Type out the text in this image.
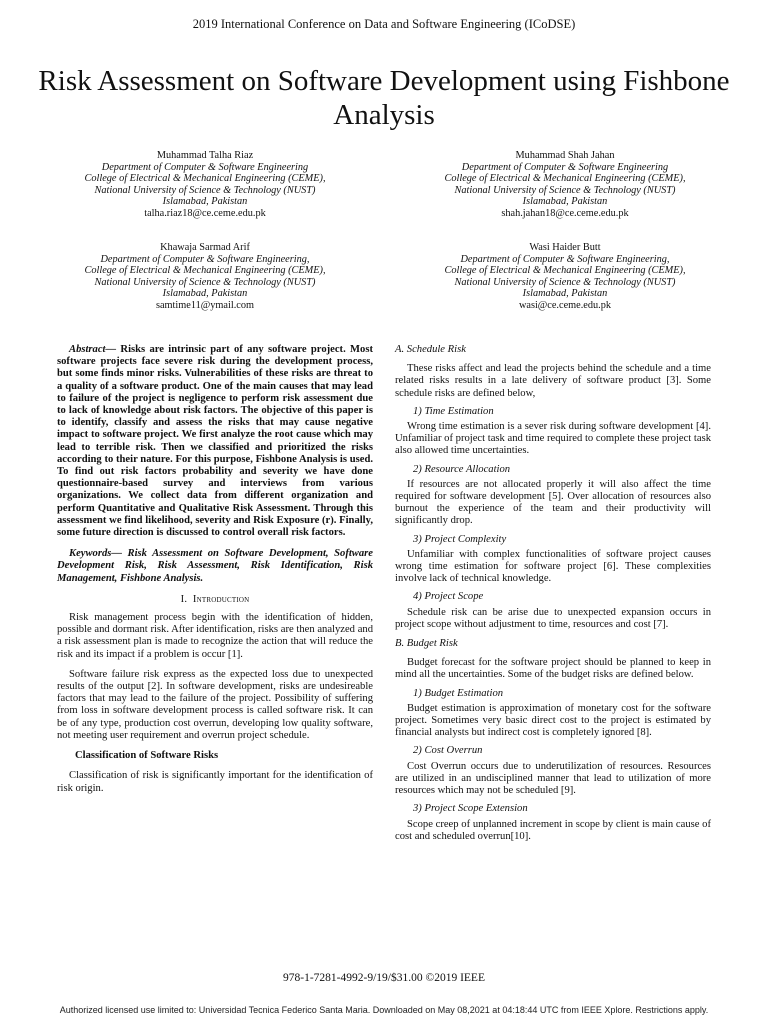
2019 International Conference on Data and Software Engineering (ICoDSE)
Risk Assessment on Software Development using Fishbone Analysis
Muhammad Talha Riaz
Department of Computer & Software Engineering
College of Electrical & Mechanical Engineering (CEME),
National University of Science & Technology (NUST)
Islamabad, Pakistan
talha.riaz18@ce.ceme.edu.pk
Muhammad Shah Jahan
Department of Computer & Software Engineering
College of Electrical & Mechanical Engineering (CEME),
National University of Science & Technology (NUST)
Islamabad, Pakistan
shah.jahan18@ce.ceme.edu.pk
Khawaja Sarmad Arif
Department of Computer & Software Engineering,
College of Electrical & Mechanical Engineering (CEME),
National University of Science & Technology (NUST)
Islamabad, Pakistan
samtime11@ymail.com
Wasi Haider Butt
Department of Computer & Software Engineering,
College of Electrical & Mechanical Engineering (CEME),
National University of Science & Technology (NUST)
Islamabad, Pakistan
wasi@ce.ceme.edu.pk

Abstract— Risks are intrinsic part of any software project. Most software projects face severe risk during the development process, but some finds minor risks. Vulnerabilities of these risks are threat to a quality of a software product. One of the main causes that may lead to failure of the project is negligence to perform risk assessment due to lack of knowledge about risk factors. The objective of this paper is to identify, classify and assess the risks that may cause negative impact to software project. We first analyze the root cause which may lead to terrible risk. Then we classified and prioritized the risks according to their nature. For this purpose, Fishbone Analysis is used. To find out risk factors probability and severity we have done questionnaire-based survey and interviews from various organizations. We collect data from different organization and perform Quantitative and Qualitative Risk Assessment. Through this assessment we find likelihood, severity and Risk Exposure (r). Finally, some future direction is discussed to control overall risk factors.

Keywords— Risk Assessment on Software Development, Software Development Risk, Risk Assessment, Risk Identification, Risk Management, Fishbone Analysis.

I. Introduction

Risk management process begin with the identification of hidden, possible and dormant risk. After identification, risks are then analyzed and a risk assessment plan is made to recognize the action that will reduce the risk and its impact if a problem is occur [1].

Software failure risk express as the expected loss due to unexpected results of the output [2]. In software development, risks are undesireable factors that may lead to the failure of the project. Possibility of suffering from loss in software development process is called software risk. It can be of any type, production cost overrun, developing low quality software, not meeting user requirement and overrun project schedule.

Classification of Software Risks

Classification of risk is significantly important for the identification of risk origin.

A. Schedule Risk

These risks affect and lead the projects behind the schedule and a time related risks results in a late delivery of software product [3]. Some schedule risks are defined below,

1) Time Estimation

Wrong time estimation is a sever risk during software development [4]. Unfamiliar of project task and time required to complete these project task also allowed time uncertainties.

2) Resource Allocation

If resources are not allocated properly it will also affect the time required for software development [5]. Over allocation of resources also burnout the experience of the team and their productivity will significantly drop.

3) Project Complexity

Unfamiliar with complex functionalities of software project causes wrong time estimation for software project [6]. These complexities involve lack of technical knowledge.

4) Project Scope

Schedule risk can be arise due to unexpected expansion occurs in project scope without adjustment to time, resources and cost [7].

B. Budget Risk

Budget forecast for the software project should be planned to keep in mind all the uncertainties. Some of the budget risks are defined below.

1) Budget Estimation

Budget estimation is approximation of monetary cost for the software project. Sometimes very basic direct cost to the project is estimated by financial analysts but indirect cost is completely ignored [8].

2) Cost Overrun

Cost Overrun occurs due to underutilization of resources. Resources are utilized in an undisciplined manner that lead to utilization of more resources which may not be scheduled [9].

3) Project Scope Extension

Scope creep of unplanned increment in scope by client is main cause of cost and scheduled overrun[10].

978-1-7281-4992-9/19/$31.00 ©2019 IEEE
Authorized licensed use limited to: Universidad Tecnica Federico Santa Maria. Downloaded on May 08,2021 at 04:18:44 UTC from IEEE Xplore. Restrictions apply.
